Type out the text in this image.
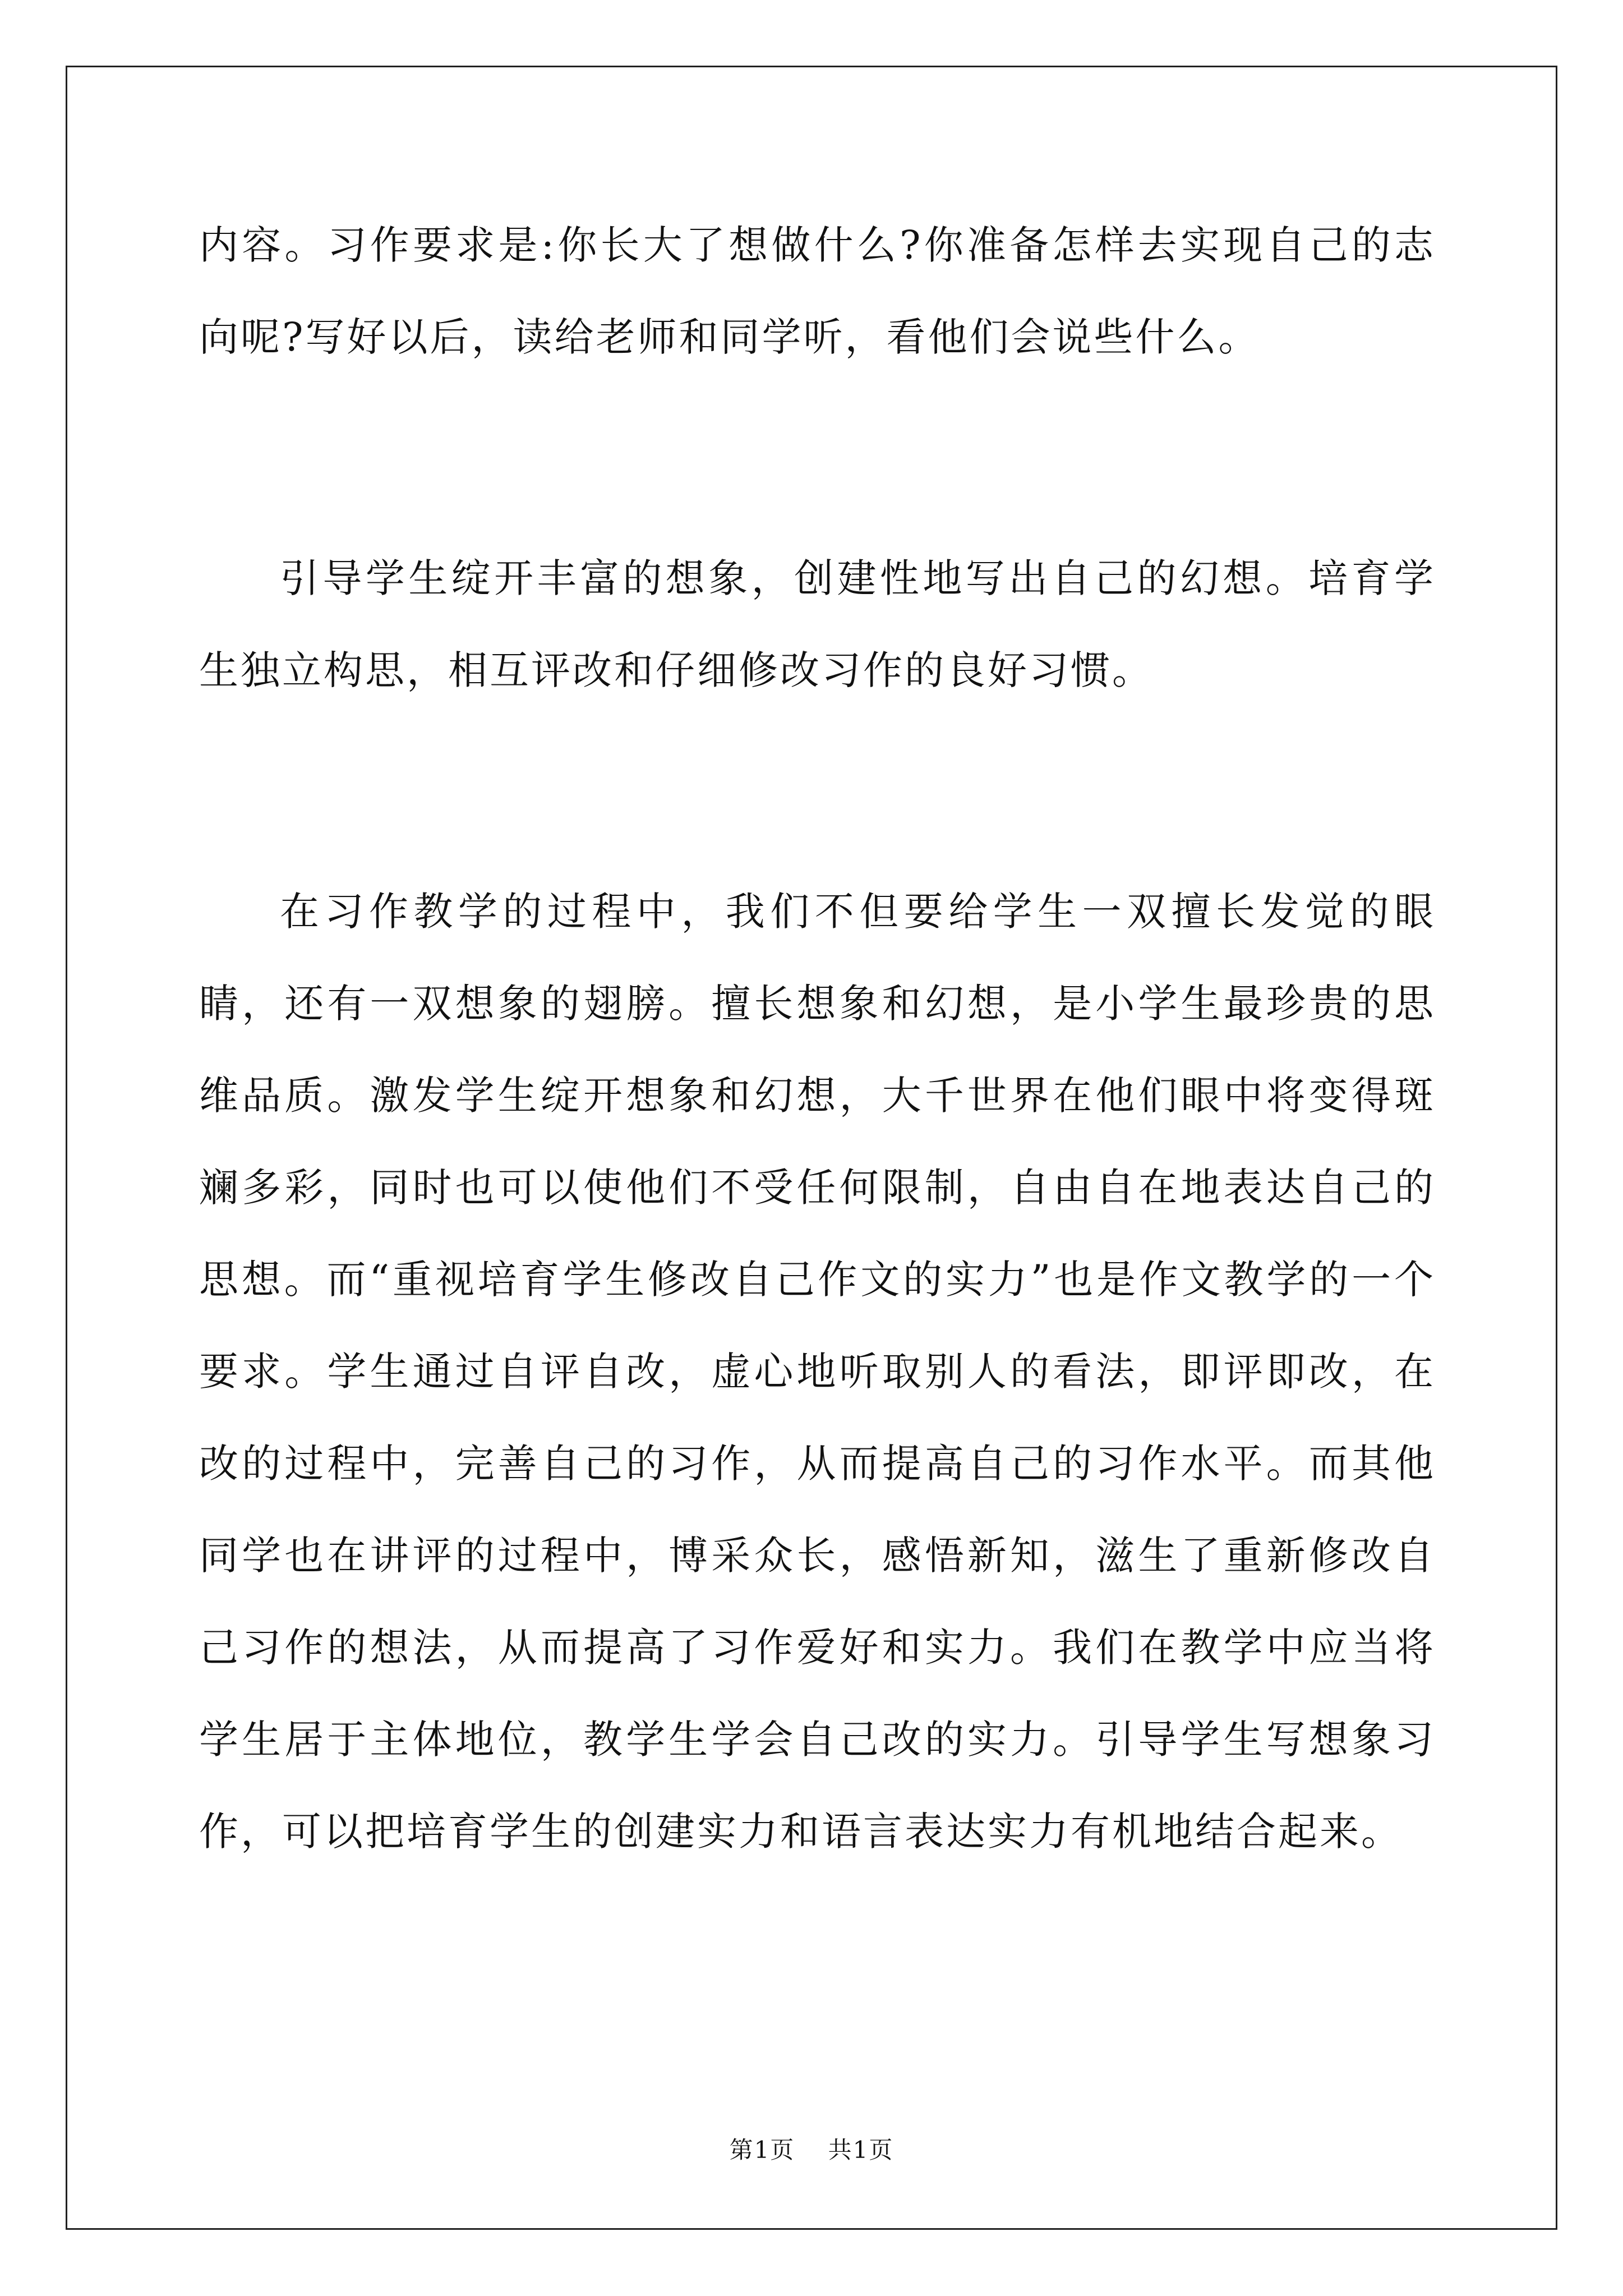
内容。习作要求是:你长大了想做什么?你准备怎样去实现自己的志向呢?写好以后，读给老师和同学听，看他们会说些什么。

引导学生绽开丰富的想象，创建性地写出自己的幻想。培育学生独立构思，相互评改和仔细修改习作的良好习惯。

在习作教学的过程中，我们不但要给学生一双擅长发觉的眼睛，还有一双想象的翅膀。擅长想象和幻想，是小学生最珍贵的思维品质。激发学生绽开想象和幻想，大千世界在他们眼中将变得斑斓多彩，同时也可以使他们不受任何限制，自由自在地表达自己的思想。而“重视培育学生修改自己作文的实力”也是作文教学的一个要求。学生通过自评自改，虚心地听取别人的看法，即评即改，在改的过程中，完善自己的习作，从而提高自己的习作水平。而其他同学也在讲评的过程中，博采众长，感悟新知，滋生了重新修改自己习作的想法，从而提高了习作爱好和实力。我们在教学中应当将学生居于主体地位，教学生学会自己改的实力。引导学生写想象习作，可以把培育学生的创建实力和语言表达实力有机地结合起来。

第1页 共1页
